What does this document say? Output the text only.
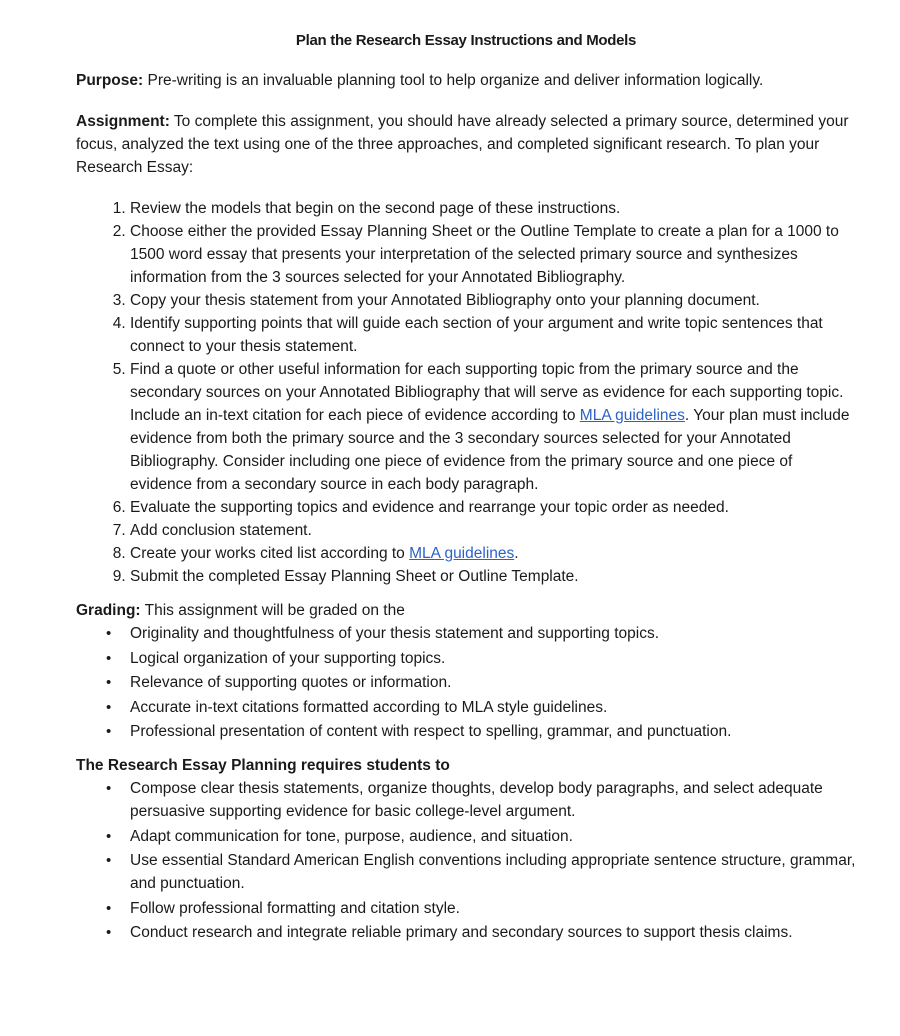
Plan the Research Essay Instructions and Models

Purpose: Pre-writing is an invaluable planning tool to help organize and deliver information logically.

Assignment: To complete this assignment, you should have already selected a primary source, determined your focus, analyzed the text using one of the three approaches, and completed significant research. To plan your Research Essay:

1. Review the models that begin on the second page of these instructions.
2. Choose either the provided Essay Planning Sheet or the Outline Template to create a plan for a 1000 to 1500 word essay that presents your interpretation of the selected primary source and synthesizes information from the 3 sources selected for your Annotated Bibliography.
3. Copy your thesis statement from your Annotated Bibliography onto your planning document.
4. Identify supporting points that will guide each section of your argument and write topic sentences that connect to your thesis statement.
5. Find a quote or other useful information for each supporting topic from the primary source and the secondary sources on your Annotated Bibliography that will serve as evidence for each supporting topic. Include an in-text citation for each piece of evidence according to MLA guidelines. Your plan must include evidence from both the primary source and the 3 secondary sources selected for your Annotated Bibliography. Consider including one piece of evidence from the primary source and one piece of evidence from a secondary source in each body paragraph.
6. Evaluate the supporting topics and evidence and rearrange your topic order as needed.
7. Add conclusion statement.
8. Create your works cited list according to MLA guidelines.
9. Submit the completed Essay Planning Sheet or Outline Template.

Grading: This assignment will be graded on the

• Originality and thoughtfulness of your thesis statement and supporting topics.
• Logical organization of your supporting topics.
• Relevance of supporting quotes or information.
• Accurate in-text citations formatted according to MLA style guidelines.
• Professional presentation of content with respect to spelling, grammar, and punctuation.

The Research Essay Planning requires students to

• Compose clear thesis statements, organize thoughts, develop body paragraphs, and select adequate persuasive supporting evidence for basic college-level argument.
• Adapt communication for tone, purpose, audience, and situation.
• Use essential Standard American English conventions including appropriate sentence structure, grammar, and punctuation.
• Follow professional formatting and citation style.
• Conduct research and integrate reliable primary and secondary sources to support thesis claims.
